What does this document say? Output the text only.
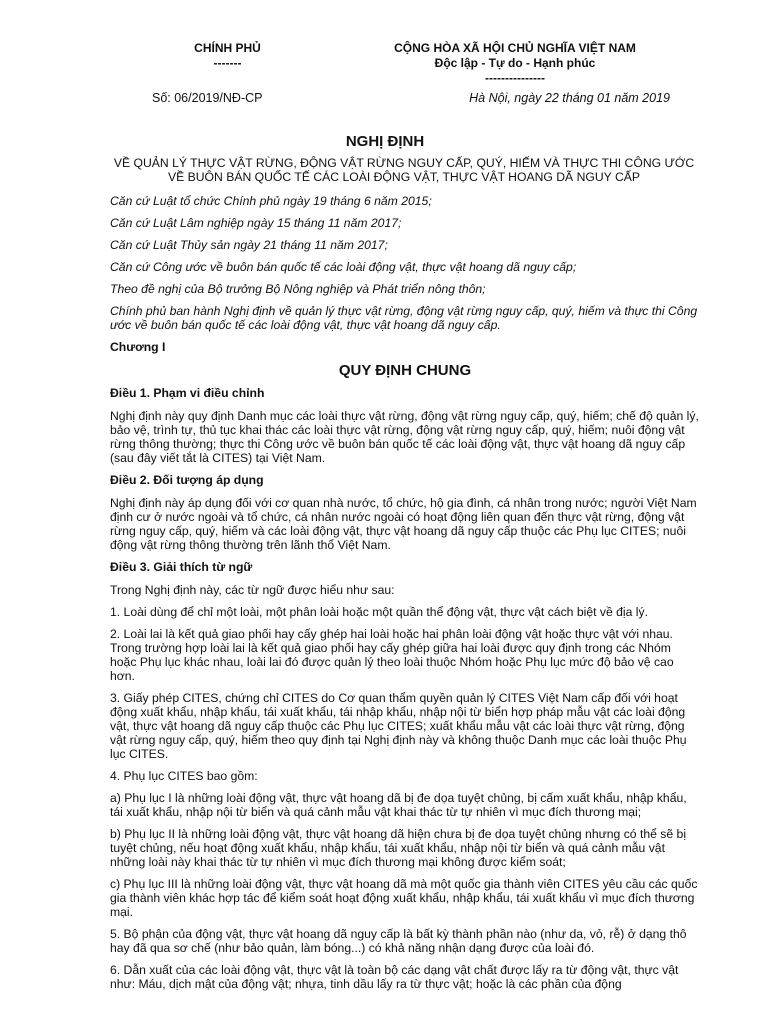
CHÍNH PHỦ
-------
CỘNG HÒA XÃ HỘI CHỦ NGHĨA VIỆT NAM
Độc lập - Tự do - Hạnh phúc
---------------
Số: 06/2019/NĐ-CP	Hà Nội, ngày 22 tháng 01 năm 2019
NGHỊ ĐỊNH
VỀ QUẢN LÝ THỰC VẬT RỪNG, ĐỘNG VẬT RỪNG NGUY CẤP, QUÝ, HIẾM VÀ THỰC THI CÔNG ƯỚC VỀ BUÔN BÁN QUỐC TẾ CÁC LOÀI ĐỘNG VẬT, THỰC VẬT HOANG DÃ NGUY CẤP

Căn cứ Luật tổ chức Chính phủ ngày 19 tháng 6 năm 2015;

Căn cứ Luật Lâm nghiệp ngày 15 tháng 11 năm 2017;

Căn cứ Luật Thủy sản ngày 21 tháng 11 năm 2017;

Căn cứ Công ước về buôn bán quốc tế các loài động vật, thực vật hoang dã nguy cấp;

Theo đề nghị của Bộ trưởng Bộ Nông nghiệp và Phát triển nông thôn;

Chính phủ ban hành Nghị định về quản lý thực vật rừng, động vật rừng nguy cấp, quý, hiếm và thực thi Công ước về buôn bán quốc tế các loài động vật, thực vật hoang dã nguy cấp.

Chương I

QUY ĐỊNH CHUNG

Điều 1. Phạm vi điều chỉnh

Nghị định này quy định Danh mục các loài thực vật rừng, động vật rừng nguy cấp, quý, hiếm; chế độ quản lý, bảo vệ, trình tự, thủ tục khai thác các loài thực vật rừng, động vật rừng nguy cấp, quý, hiếm; nuôi động vật rừng thông thường; thực thi Công ước về buôn bán quốc tế các loài động vật, thực vật hoang dã nguy cấp (sau đây viết tắt là CITES) tại Việt Nam.

Điều 2. Đối tượng áp dụng

Nghị định này áp dụng đối với cơ quan nhà nước, tổ chức, hộ gia đình, cá nhân trong nước; người Việt Nam định cư ở nước ngoài và tổ chức, cá nhân nước ngoài có hoạt động liên quan đến thực vật rừng, động vật rừng nguy cấp, quý, hiếm và các loài động vật, thực vật hoang dã nguy cấp thuộc các Phụ lục CITES; nuôi động vật rừng thông thường trên lãnh thổ Việt Nam.

Điều 3. Giải thích từ ngữ

Trong Nghị định này, các từ ngữ được hiểu như sau:

1. Loài dùng để chỉ một loài, một phân loài hoặc một quần thể động vật, thực vật cách biệt về địa lý.

2. Loài lai là kết quả giao phối hay cấy ghép hai loài hoặc hai phân loài động vật hoặc thực vật với nhau. Trong trường hợp loài lai là kết quả giao phối hay cấy ghép giữa hai loài được quy định trong các Nhóm hoặc Phụ lục khác nhau, loài lai đó được quản lý theo loài thuộc Nhóm hoặc Phụ lục mức độ bảo vệ cao hơn.

3. Giấy phép CITES, chứng chỉ CITES do Cơ quan thẩm quyền quản lý CITES Việt Nam cấp đối với hoạt động xuất khẩu, nhập khẩu, tái xuất khẩu, tái nhập khẩu, nhập nội từ biển hợp pháp mẫu vật các loài động vật, thực vật hoang dã nguy cấp thuộc các Phụ lục CITES; xuất khẩu mẫu vật các loài thực vật rừng, động vật rừng nguy cấp, quý, hiếm theo quy định tại Nghị định này và không thuộc Danh mục các loài thuộc Phụ lục CITES.

4. Phụ lục CITES bao gồm:

a) Phụ lục I là những loài động vật, thực vật hoang dã bị đe dọa tuyệt chủng, bị cấm xuất khẩu, nhập khẩu, tái xuất khẩu, nhập nội từ biển và quá cảnh mẫu vật khai thác từ tự nhiên vì mục đích thương mại;

b) Phụ lục II là những loài động vật, thực vật hoang dã hiện chưa bị đe dọa tuyệt chủng nhưng có thể sẽ bị tuyệt chủng, nếu hoạt động xuất khẩu, nhập khẩu, tái xuất khẩu, nhập nội từ biển và quá cảnh mẫu vật những loài này khai thác từ tự nhiên vì mục đích thương mại không được kiểm soát;

c) Phụ lục III là những loài động vật, thực vật hoang dã mà một quốc gia thành viên CITES yêu cầu các quốc gia thành viên khác hợp tác để kiểm soát hoạt động xuất khẩu, nhập khẩu, tái xuất khẩu vì mục đích thương mại.

5. Bộ phận của động vật, thực vật hoang dã nguy cấp là bất kỳ thành phần nào (như da, vỏ, rễ) ở dạng thô hay đã qua sơ chế (như bảo quản, làm bóng...) có khả năng nhận dạng được của loài đó.

6. Dẫn xuất của các loài động vật, thực vật là toàn bộ các dạng vật chất được lấy ra từ động vật, thực vật như: Máu, dịch mật của động vật; nhựa, tinh dầu lấy ra từ thực vật; hoặc là các phần của động
